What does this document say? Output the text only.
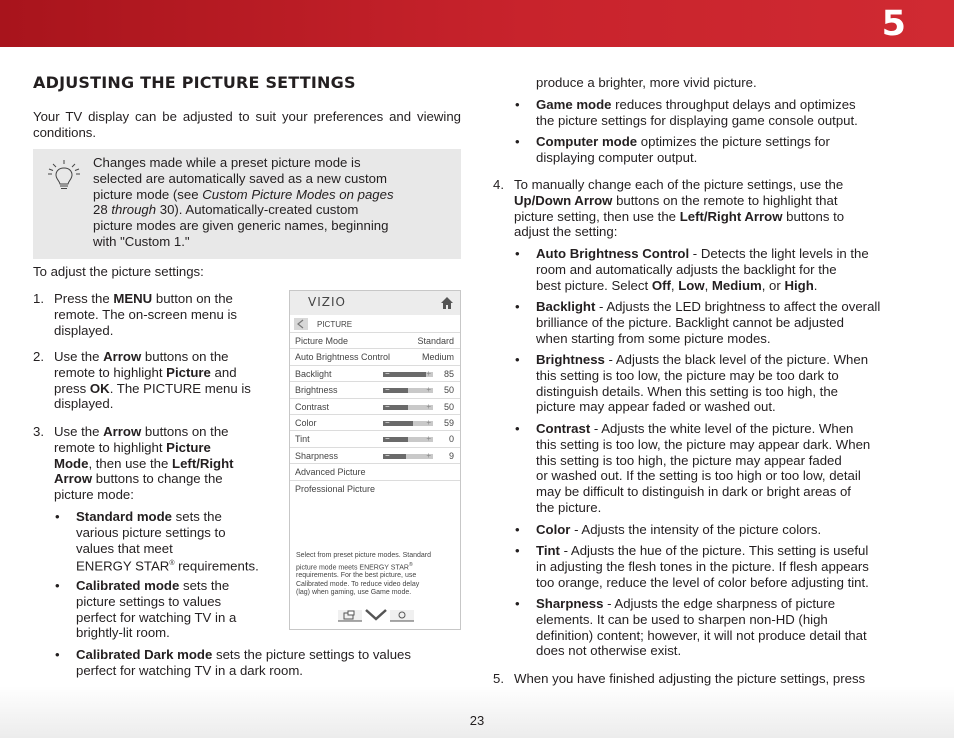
5
ADJUSTING THE PICTURE SETTINGS
Your TV display can be adjusted to suit your preferences and viewing conditions.
Changes made while a preset picture mode is
selected are automatically saved as a new custom
picture mode (see Custom Picture Modes on pages
28 through 30). Automatically-created custom
picture modes are given generic names, beginning
with "Custom 1."
To adjust the picture settings:
1. Press the MENU button on the
remote. The on-screen menu is
displayed.
2. Use the Arrow buttons on the
remote to highlight Picture and
press OK. The PICTURE menu is
displayed.
3. Use the Arrow buttons on the
remote to highlight Picture
Mode, then use the Left/Right
Arrow buttons to change the
picture mode:
• Standard mode sets the
various picture settings to
values that meet
ENERGY STAR® requirements.
• Calibrated mode sets the
picture settings to values
perfect for watching TV in a
brightly-lit room.
• Calibrated Dark mode sets the picture settings to values
perfect for watching TV in a dark room.
VIZIO
PICTURE
Picture Mode	Standard
Auto Brightness Control	Medium
Backlight	−	+ 85
Brightness	−	+ 50
Contrast	−	+ 50
Color	−	+ 59
Tint	−	+ 0
Sharpness	−	+ 9
Advanced Picture
Professional Picture
Select from preset picture modes. Standard
picture mode meets ENERGY STAR®
requirements. For the best picture, use
Calibrated mode. To reduce video delay
(lag) when gaming, use Game mode.
produce a brighter, more vivid picture.
• Game mode reduces throughput delays and optimizes
the picture settings for displaying game console output.
• Computer mode optimizes the picture settings for
displaying computer output.
4. To manually change each of the picture settings, use the
Up/Down Arrow buttons on the remote to highlight that
picture setting, then use the Left/Right Arrow buttons to
adjust the setting:
• Auto Brightness Control - Detects the light levels in the
room and automatically adjusts the backlight for the
best picture. Select Off, Low, Medium, or High.
• Backlight - Adjusts the LED brightness to affect the overall
brilliance of the picture. Backlight cannot be adjusted
when starting from some picture modes.
• Brightness - Adjusts the black level of the picture. When
this setting is too low, the picture may be too dark to
distinguish details. When this setting is too high, the
picture may appear faded or washed out.
• Contrast - Adjusts the white level of the picture. When
this setting is too low, the picture may appear dark. When
this setting is too high, the picture may appear faded
or washed out. If the setting is too high or too low, detail
may be difficult to distinguish in dark or bright areas of
the picture.
• Color - Adjusts the intensity of the picture colors.
• Tint - Adjusts the hue of the picture. This setting is useful
in adjusting the flesh tones in the picture. If flesh appears
too orange, reduce the level of color before adjusting tint.
• Sharpness - Adjusts the edge sharpness of picture
elements. It can be used to sharpen non-HD (high
definition) content; however, it will not produce detail that
does not otherwise exist.
5. When you have finished adjusting the picture settings, press
23
